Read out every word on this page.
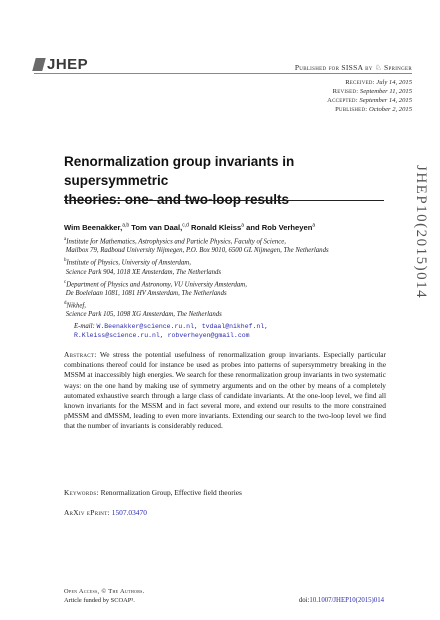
JHEP	Published for SISSA by ♘ Springer
Received: July 14, 2015
Revised: September 11, 2015
Accepted: September 14, 2015
Published: October 2, 2015
JHEP10(2015)014
Renormalization group invariants in supersymmetric
theories: one- and two-loop results
Wim Beenakker,$^{a,b}$ Tom van Daal,$^{c,d}$ Ronald Kleiss$^a$ and Rob Verheyen$^a$
$^a$Institute for Mathematics, Astrophysics and Particle Physics, Faculty of Science,
Mailbox 79, Radboud University Nijmegen, P.O. Box 9010, 6500 GL Nijmegen, The Netherlands
$^b$Institute of Physics, University of Amsterdam,
Science Park 904, 1018 XE Amsterdam, The Netherlands
$^c$Department of Physics and Astronomy, VU University Amsterdam,
De Boelelaan 1081, 1081 HV Amsterdam, The Netherlands
$^d$Nikhef,
Science Park 105, 1098 XG Amsterdam, The Netherlands
E-mail: W.Beenakker@science.ru.nl, tvdaal@nikhef.nl,
R.Kleiss@science.ru.nl, robverheyen@gmail.com
Abstract: We stress the potential usefulness of renormalization group invariants. Especially particular combinations thereof could for instance be used as probes into patterns of supersymmetry breaking in the MSSM at inaccessibly high energies. We search for these renormalization group invariants in two systematic ways: on the one hand by making use of symmetry arguments and on the other by means of a completely automated exhaustive search through a large class of candidate invariants. At the one-loop level, we find all known invariants for the MSSM and in fact several more, and extend our results to the more constrained pMSSM and dMSSM, leading to even more invariants. Extending our search to the two-loop level we find that the number of invariants is considerably reduced.
Keywords: Renormalization Group, Effective field theories
ArXiv ePrint: 1507.03470
Open Access, © The Authors.
Article funded by SCOAP³.	doi:10.1007/JHEP10(2015)014
